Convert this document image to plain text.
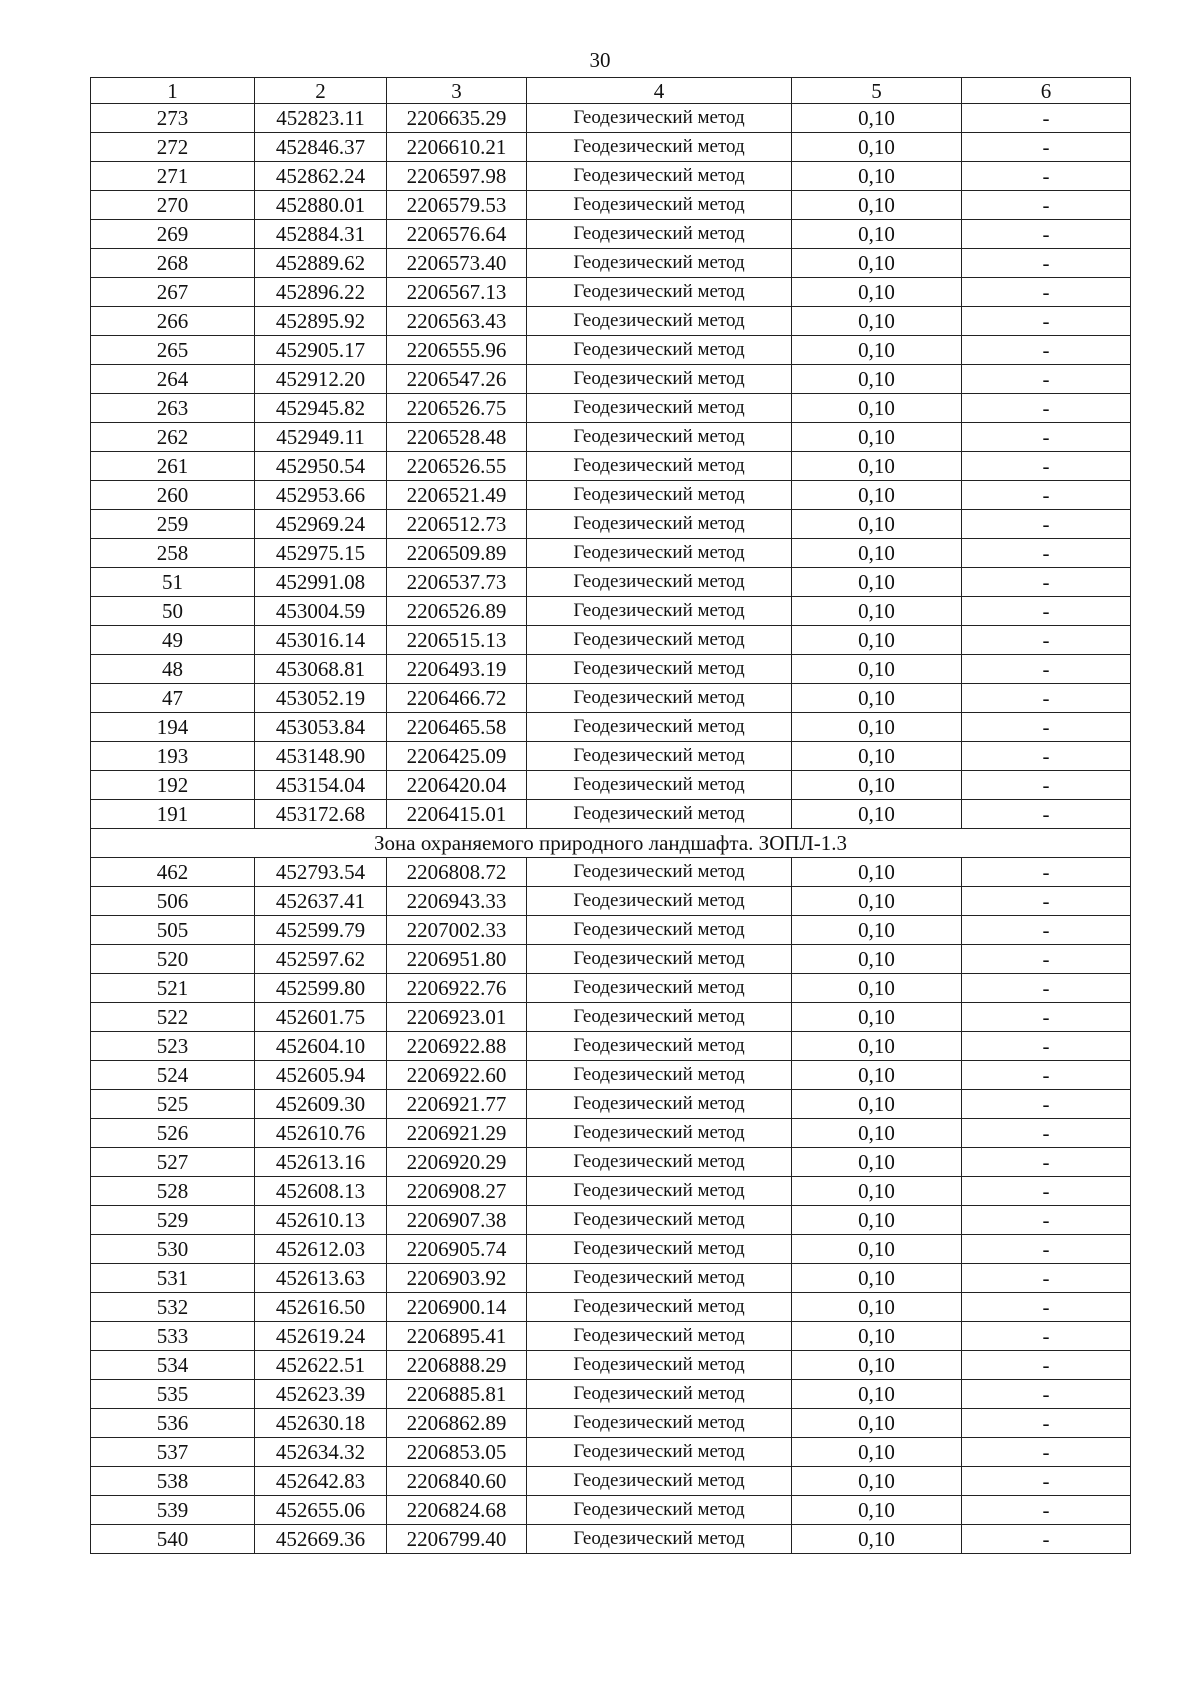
30
1	2	3	4	5	6
273	452823.11	2206635.29	Геодезический метод	0,10	-
272	452846.37	2206610.21	Геодезический метод	0,10	-
271	452862.24	2206597.98	Геодезический метод	0,10	-
270	452880.01	2206579.53	Геодезический метод	0,10	-
269	452884.31	2206576.64	Геодезический метод	0,10	-
268	452889.62	2206573.40	Геодезический метод	0,10	-
267	452896.22	2206567.13	Геодезический метод	0,10	-
266	452895.92	2206563.43	Геодезический метод	0,10	-
265	452905.17	2206555.96	Геодезический метод	0,10	-
264	452912.20	2206547.26	Геодезический метод	0,10	-
263	452945.82	2206526.75	Геодезический метод	0,10	-
262	452949.11	2206528.48	Геодезический метод	0,10	-
261	452950.54	2206526.55	Геодезический метод	0,10	-
260	452953.66	2206521.49	Геодезический метод	0,10	-
259	452969.24	2206512.73	Геодезический метод	0,10	-
258	452975.15	2206509.89	Геодезический метод	0,10	-
51	452991.08	2206537.73	Геодезический метод	0,10	-
50	453004.59	2206526.89	Геодезический метод	0,10	-
49	453016.14	2206515.13	Геодезический метод	0,10	-
48	453068.81	2206493.19	Геодезический метод	0,10	-
47	453052.19	2206466.72	Геодезический метод	0,10	-
194	453053.84	2206465.58	Геодезический метод	0,10	-
193	453148.90	2206425.09	Геодезический метод	0,10	-
192	453154.04	2206420.04	Геодезический метод	0,10	-
191	453172.68	2206415.01	Геодезический метод	0,10	-
Зона охраняемого природного ландшафта. ЗОПЛ-1.3					
462	452793.54	2206808.72	Геодезический метод	0,10	-
506	452637.41	2206943.33	Геодезический метод	0,10	-
505	452599.79	2207002.33	Геодезический метод	0,10	-
520	452597.62	2206951.80	Геодезический метод	0,10	-
521	452599.80	2206922.76	Геодезический метод	0,10	-
522	452601.75	2206923.01	Геодезический метод	0,10	-
523	452604.10	2206922.88	Геодезический метод	0,10	-
524	452605.94	2206922.60	Геодезический метод	0,10	-
525	452609.30	2206921.77	Геодезический метод	0,10	-
526	452610.76	2206921.29	Геодезический метод	0,10	-
527	452613.16	2206920.29	Геодезический метод	0,10	-
528	452608.13	2206908.27	Геодезический метод	0,10	-
529	452610.13	2206907.38	Геодезический метод	0,10	-
530	452612.03	2206905.74	Геодезический метод	0,10	-
531	452613.63	2206903.92	Геодезический метод	0,10	-
532	452616.50	2206900.14	Геодезический метод	0,10	-
533	452619.24	2206895.41	Геодезический метод	0,10	-
534	452622.51	2206888.29	Геодезический метод	0,10	-
535	452623.39	2206885.81	Геодезический метод	0,10	-
536	452630.18	2206862.89	Геодезический метод	0,10	-
537	452634.32	2206853.05	Геодезический метод	0,10	-
538	452642.83	2206840.60	Геодезический метод	0,10	-
539	452655.06	2206824.68	Геодезический метод	0,10	-
540	452669.36	2206799.40	Геодезический метод	0,10	-
